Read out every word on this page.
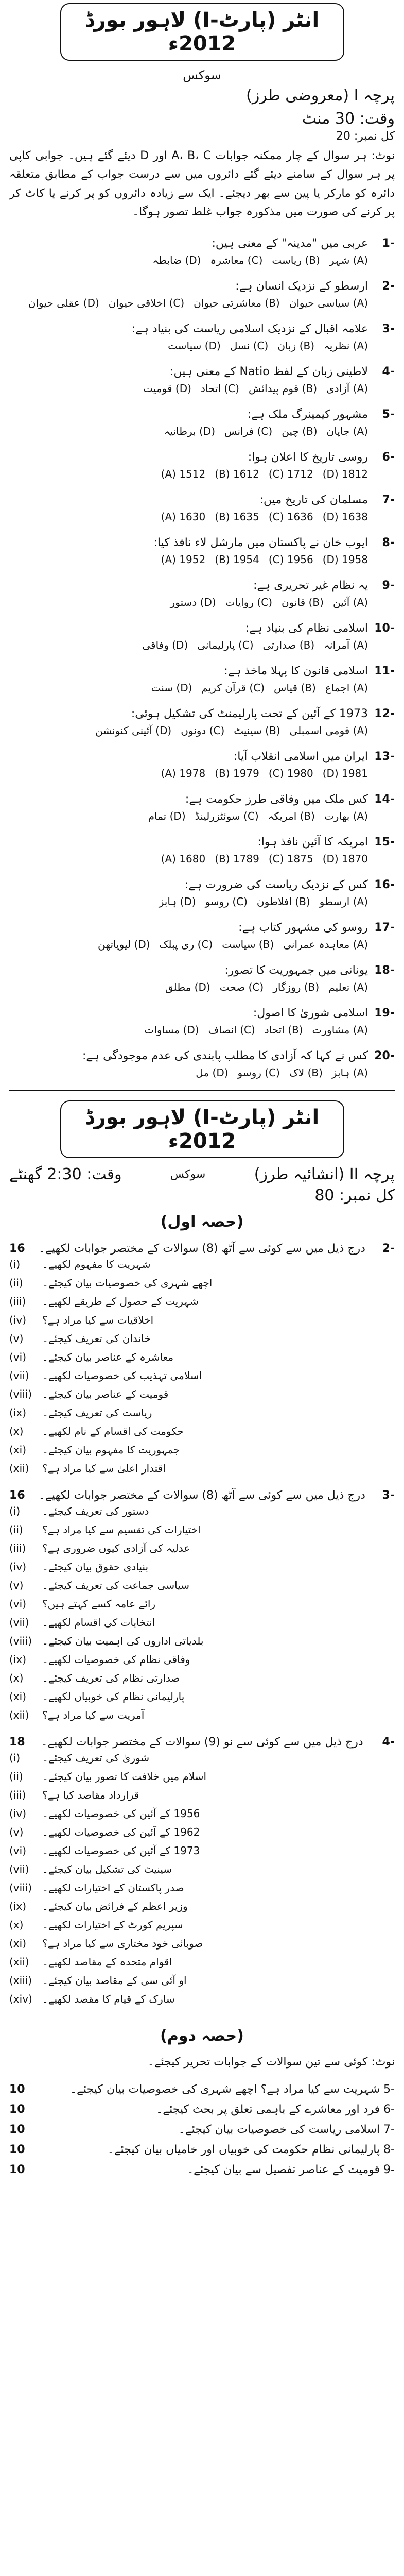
انٹر (پارٹ-I) لاہور بورڈ 2012ء
سوکس
پرچہ I (معروضی طرز)
وقت: 30 منٹ
کل نمبر: 20
نوٹ: ہر سوال کے چار ممکنہ جوابات A، B، C اور D دیئے گئے ہیں۔ جوابی کاپی پر ہر سوال کے سامنے دیئے گئے دائروں میں سے درست جواب کے مطابق متعلقہ دائرہ کو مارکر یا پین سے بھر دیجئے۔ ایک سے زیادہ دائروں کو پر کرنے یا کاٹ کر پر کرنے کی صورت میں مذکورہ جواب غلط تصور ہوگا۔
-1
عربی میں "مدینہ" کے معنی ہیں:
(A) شہر(B) ریاست(C) معاشرہ(D) ضابطہ
-2
ارسطو کے نزدیک انسان ہے:
(A) سیاسی حیوان(B) معاشرتی حیوان(C) اخلاقی حیوان(D) عقلی حیوان
-3
علامہ اقبال کے نزدیک اسلامی ریاست کی بنیاد ہے:
(A) نظریہ(B) زبان(C) نسل(D) سیاست
-4
لاطینی زبان کے لفظ Natio کے معنی ہیں:
(A) آزادی(B) قوم پیدائش(C) اتحاد(D) قومیت
-5
مشہور کیمینرگ ملک ہے:
(A) جاپان(B) چین(C) فرانس(D) برطانیہ
-6
روسی تاریخ کا اعلان ہوا:
1812 (D)1712 (C)1612 (B)1512 (A)
-7
مسلمان کی تاریخ میں:
1638 (D)1636 (C)1635 (B)1630 (A)
-8
ایوب خان نے پاکستان میں مارشل لاء نافذ کیا:
1958 (D)1956 (C)1954 (B)1952 (A)
-9
یہ نظام غیر تحریری ہے:
(A) آئین(B) قانون(C) روایات(D) دستور
-10
اسلامی نظام کی بنیاد ہے:
(A) آمرانہ(B) صدارتی(C) پارلیمانی(D) وفاقی
-11
اسلامی قانون کا پہلا ماخذ ہے:
(A) اجماع(B) قیاس(C) قرآن کریم(D) سنت
-12
1973 کے آئین کے تحت پارلیمنٹ کی تشکیل ہوئی:
(A) قومی اسمبلی(B) سینیٹ(C) دونوں(D) آئینی کنونشن
-13
ایران میں اسلامی انقلاب آیا:
1981 (D)1980 (C)1979 (B)1978 (A)
-14
کس ملک میں وفاقی طرز حکومت ہے:
(A) بھارت(B) امریکہ(C) سوئٹزرلینڈ(D) تمام
-15
امریکہ کا آئین نافذ ہوا:
1870 (D)1875 (C)1789 (B)1680 (A)
-16
کس کے نزدیک ریاست کی ضرورت ہے:
(A) ارسطو(B) افلاطون(C) روسو(D) ہابز
-17
روسو کی مشہور کتاب ہے:
(A) معاہدہ عمرانی(B) سیاست(C) ری پبلک(D) لیویاتھن
-18
یونانی میں جمہوریت کا تصور:
(A) تعلیم(B) روزگار(C) صحت(D) مطلق
-19
اسلامی شوریٰ کا اصول:
(A) مشاورت(B) اتحاد(C) انصاف(D) مساوات
-20
کس نے کہا کہ آزادی کا مطلب پابندی کی عدم موجودگی ہے:
(A) ہابز(B) لاک(C) روسو(D) مل
انٹر (پارٹ-I) لاہور بورڈ 2012ء
پرچہ II (انشائیہ طرز)
سوکس
وقت: 2:30 گھنٹے
کل نمبر: 80
(حصہ اول)
-2
درج ذیل میں سے کوئی سے آٹھ (8) سوالات کے مختصر جوابات لکھیے۔
16
شہریت کا مفہوم لکھیے۔
(i)
اچھے شہری کی خصوصیات بیان کیجئے۔
(ii)
شہریت کے حصول کے طریقے لکھیے۔
(iii)
اخلاقیات سے کیا مراد ہے؟
(iv)
خاندان کی تعریف کیجئے۔
(v)
معاشرہ کے عناصر بیان کیجئے۔
(vi)
اسلامی تہذیب کی خصوصیات لکھیے۔
(vii)
قومیت کے عناصر بیان کیجئے۔
(viii)
ریاست کی تعریف کیجئے۔
(ix)
حکومت کی اقسام کے نام لکھیے۔
(x)
جمہوریت کا مفہوم بیان کیجئے۔
(xi)
اقتدار اعلیٰ سے کیا مراد ہے؟
(xii)
-3
درج ذیل میں سے کوئی سے آٹھ (8) سوالات کے مختصر جوابات لکھیے۔
16
دستور کی تعریف کیجئے۔
(i)
اختیارات کی تقسیم سے کیا مراد ہے؟
(ii)
عدلیہ کی آزادی کیوں ضروری ہے؟
(iii)
بنیادی حقوق بیان کیجئے۔
(iv)
سیاسی جماعت کی تعریف کیجئے۔
(v)
رائے عامہ کسے کہتے ہیں؟
(vi)
انتخابات کی اقسام لکھیے۔
(vii)
بلدیاتی اداروں کی اہمیت بیان کیجئے۔
(viii)
وفاقی نظام کی خصوصیات لکھیے۔
(ix)
صدارتی نظام کی تعریف کیجئے۔
(x)
پارلیمانی نظام کی خوبیاں لکھیے۔
(xi)
آمریت سے کیا مراد ہے؟
(xii)
-4
درج ذیل میں سے کوئی سے نو (9) سوالات کے مختصر جوابات لکھیے۔
18
شوریٰ کی تعریف کیجئے۔
(i)
اسلام میں خلافت کا تصور بیان کیجئے۔
(ii)
قرارداد مقاصد کیا ہے؟
(iii)
1956 کے آئین کی خصوصیات لکھیے۔
(iv)
1962 کے آئین کی خصوصیات لکھیے۔
(v)
1973 کے آئین کی خصوصیات لکھیے۔
(vi)
سینیٹ کی تشکیل بیان کیجئے۔
(vii)
صدر پاکستان کے اختیارات لکھیے۔
(viii)
وزیر اعظم کے فرائض بیان کیجئے۔
(ix)
سپریم کورٹ کے اختیارات لکھیے۔
(x)
صوبائی خود مختاری سے کیا مراد ہے؟
(xi)
اقوام متحدہ کے مقاصد لکھیے۔
(xii)
او آئی سی کے مقاصد بیان کیجئے۔
(xiii)
سارک کے قیام کا مقصد لکھیے۔
(xiv)
(حصہ دوم)
نوٹ: کوئی سے تین سوالات کے جوابات تحریر کیجئے۔
-5 شہریت سے کیا مراد ہے؟ اچھے شہری کی خصوصیات بیان کیجئے۔
10
-6 فرد اور معاشرے کے باہمی تعلق پر بحث کیجئے۔
10
-7 اسلامی ریاست کی خصوصیات بیان کیجئے۔
10
-8 پارلیمانی نظام حکومت کی خوبیاں اور خامیاں بیان کیجئے۔
10
-9 قومیت کے عناصر تفصیل سے بیان کیجئے۔
10
